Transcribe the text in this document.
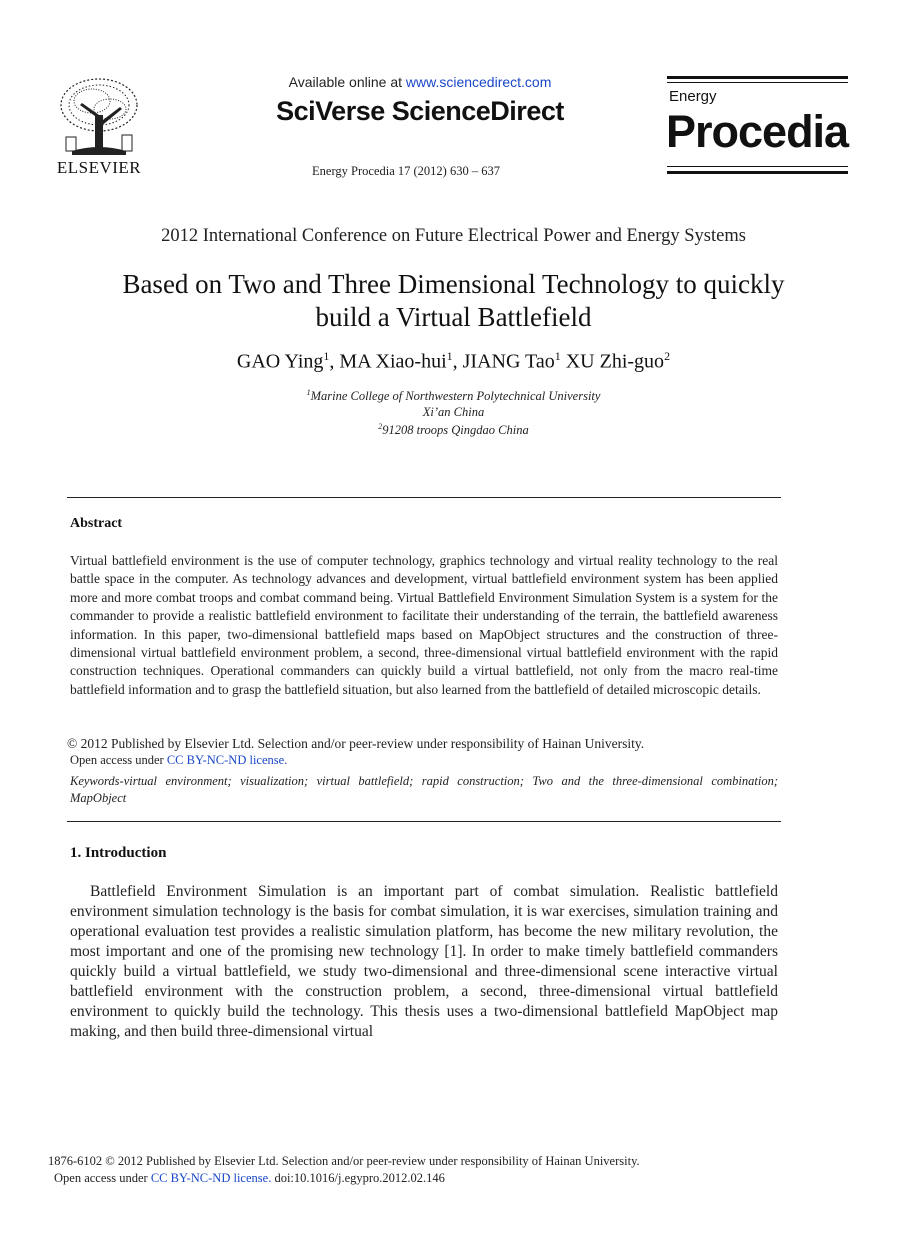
ELSEVIER
Available online at www.sciencedirect.com
SciVerse ScienceDirect
Energy Procedia 17 (2012) 630 – 637
Energy
Procedia
2012 International Conference on Future Electrical Power and Energy Systems
Based on Two and Three Dimensional Technology to quickly
build a Virtual Battlefield
GAO Ying$^1$, MA Xiao-hui$^1$, JIANG Tao$^1$ XU Zhi-guo$^2$
$^1$Marine College of Northwestern Polytechnical University
Xi’an China
$^2$91208 troops Qingdao China
Abstract
Virtual battlefield environment is the use of computer technology, graphics technology and virtual reality technology to the real battle space in the computer. As technology advances and development, virtual battlefield environment system has been applied more and more combat troops and combat command being. Virtual Battlefield Environment Simulation System is a system for the commander to provide a realistic battlefield environment to facilitate their understanding of the terrain, the battlefield awareness information. In this paper, two-dimensional battlefield maps based on MapObject structures and the construction of three-dimensional virtual battlefield environment problem, a second, three-dimensional virtual battlefield environment with the rapid construction techniques. Operational commanders can quickly build a virtual battlefield, not only from the macro real-time battlefield information and to grasp the battlefield situation, but also learned from the battlefield of detailed microscopic details.
© 2012 Published by Elsevier Ltd. Selection and/or peer-review under responsibility of Hainan University.
Open access under CC BY-NC-ND license.
Keywords-virtual environment; visualization; virtual battlefield; rapid construction; Two and the three-dimensional combination; MapObject
1. Introduction
Battlefield Environment Simulation is an important part of combat simulation. Realistic battlefield environment simulation technology is the basis for combat simulation, it is war exercises, simulation training and operational evaluation test provides a realistic simulation platform, has become the new military revolution, the most important and one of the promising new technology [1]. In order to make timely battlefield commanders quickly build a virtual battlefield, we study two-dimensional and three-dimensional scene interactive virtual battlefield environment with the construction problem, a second, three-dimensional virtual battlefield environment to quickly build the technology. This thesis uses a two-dimensional battlefield MapObject map making, and then build three-dimensional virtual
1876-6102 © 2012 Published by Elsevier Ltd. Selection and/or peer-review under responsibility of Hainan University.
Open access under CC BY-NC-ND license. doi:10.1016/j.egypro.2012.02.146
